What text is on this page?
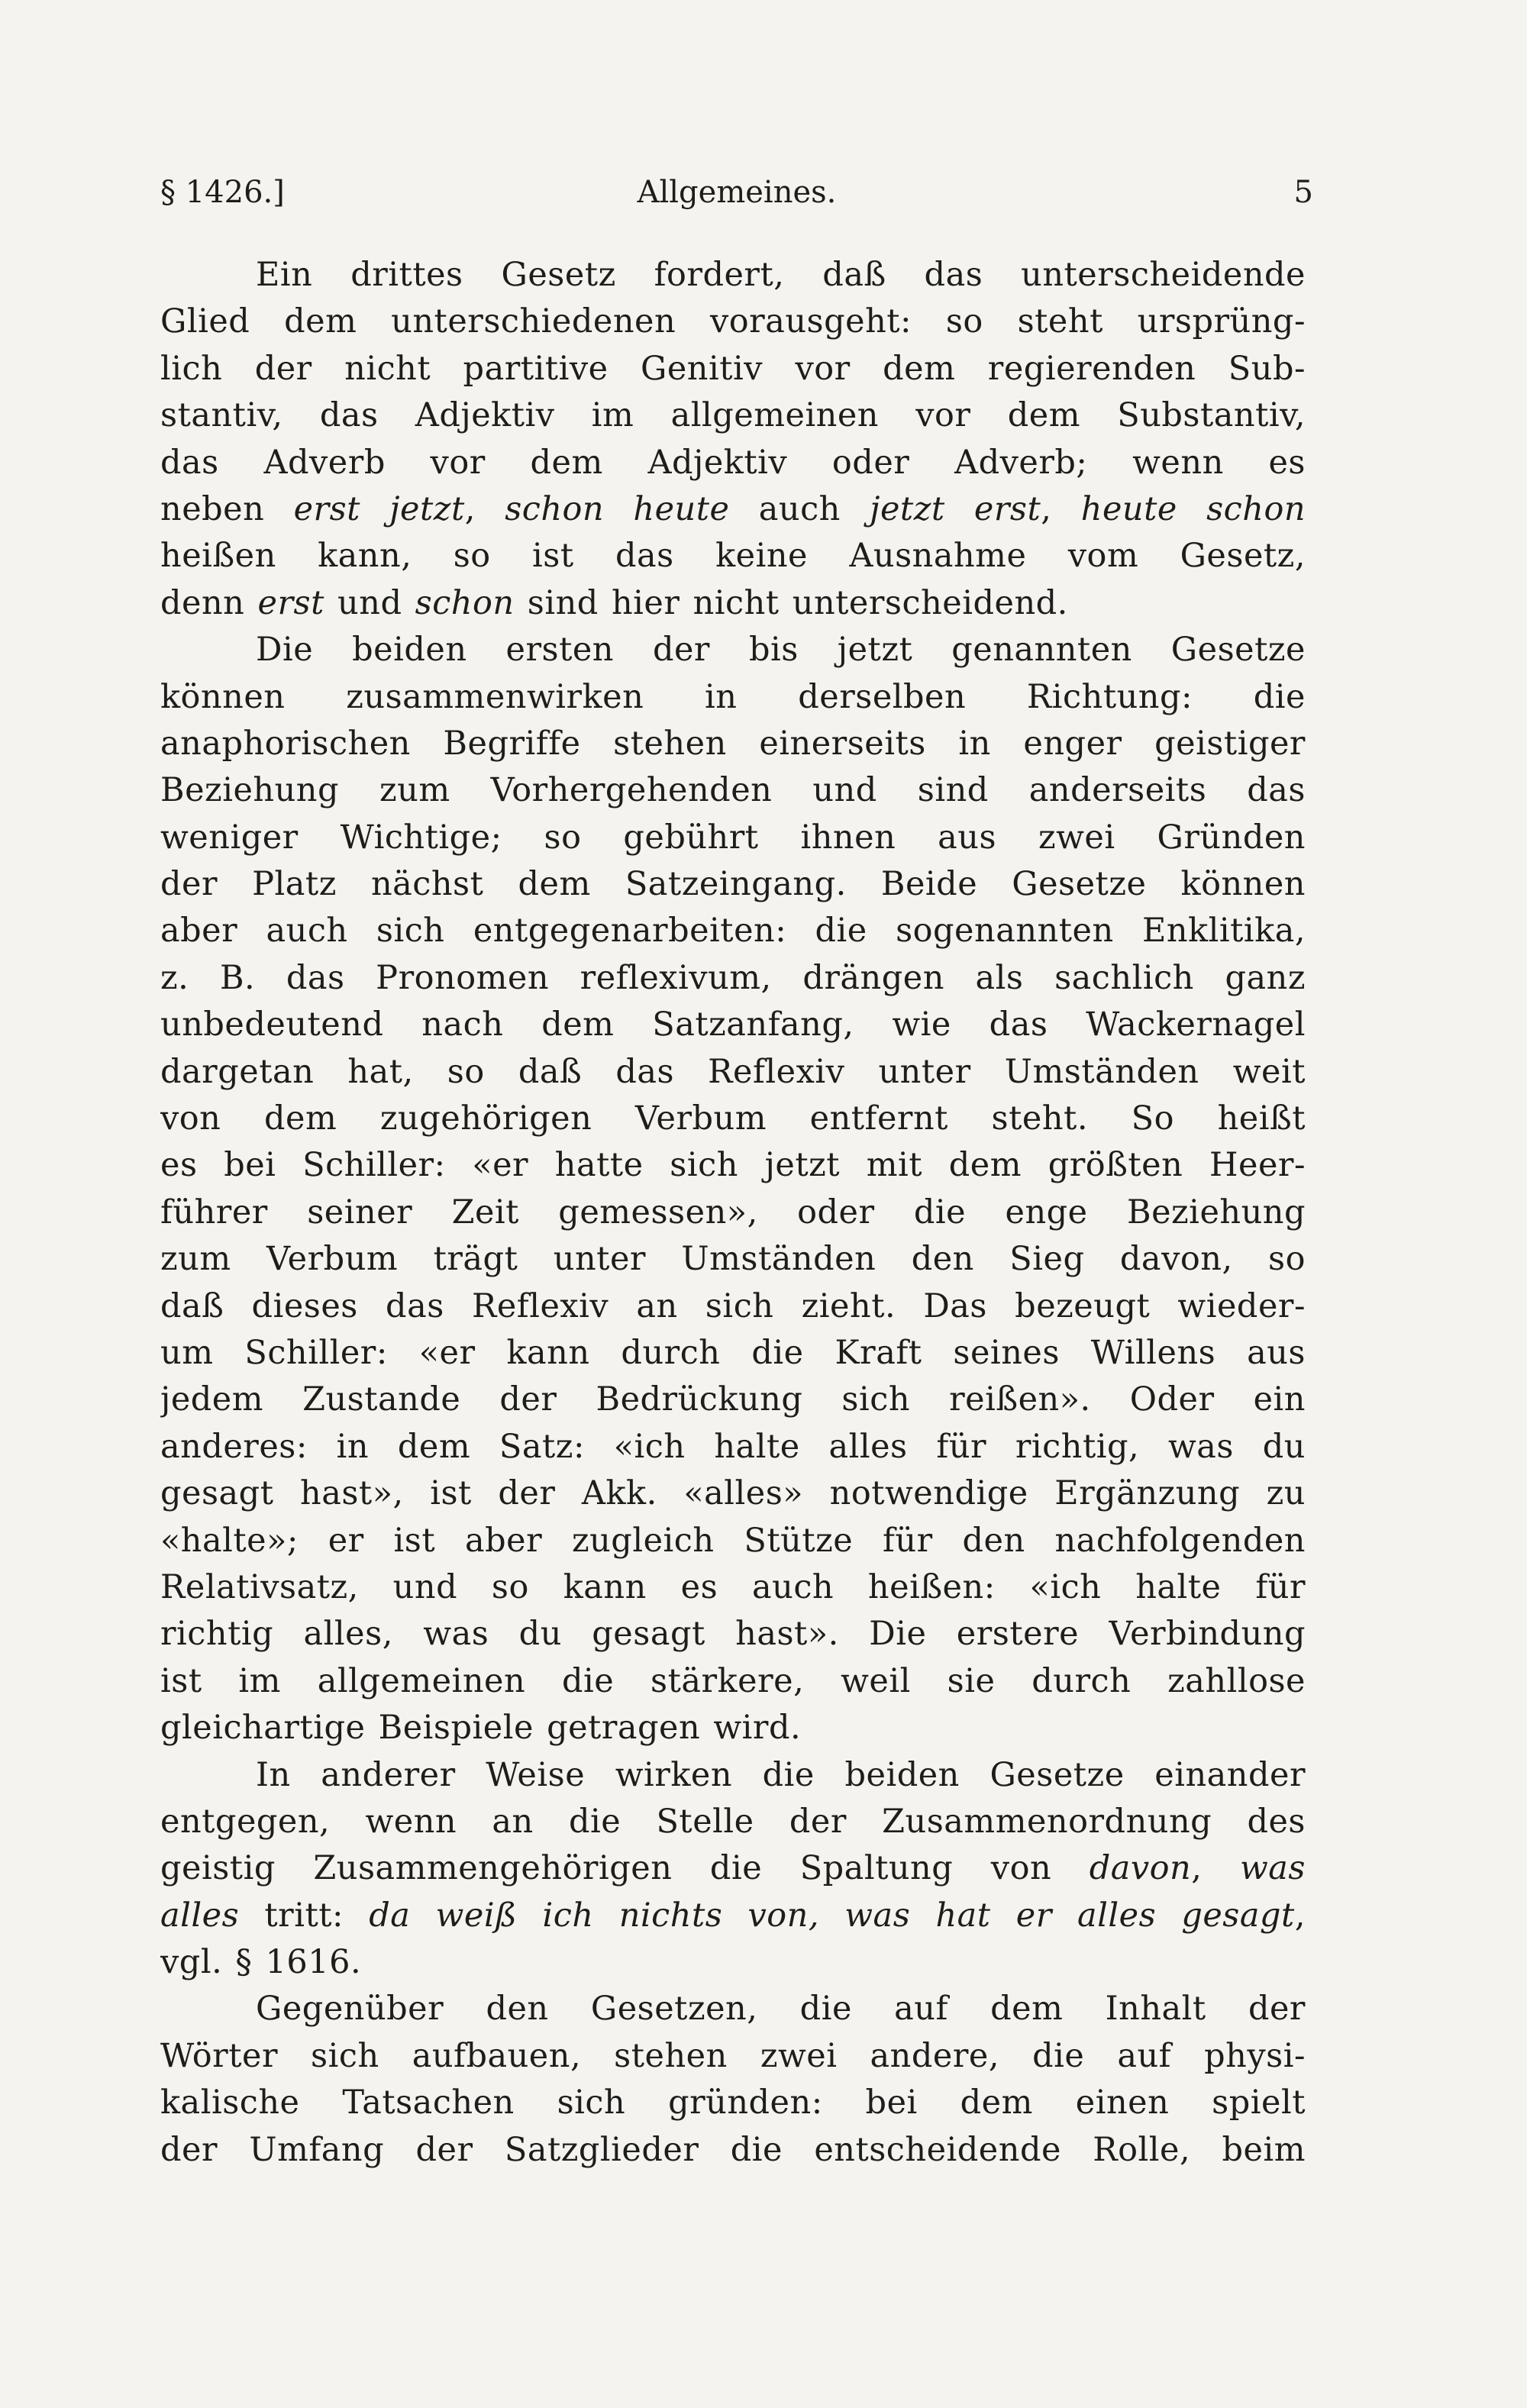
§ 1426.]	Allgemeines.	5
Ein drittes Gesetz fordert, daß das unterscheidende
Glied dem unterschiedenen vorausgeht: so steht ursprüng-
lich der nicht partitive Genitiv vor dem regierenden Sub-
stantiv, das Adjektiv im allgemeinen vor dem Substantiv,
das Adverb vor dem Adjektiv oder Adverb; wenn es
neben erst jetzt, schon heute auch jetzt erst, heute schon
heißen kann, so ist das keine Ausnahme vom Gesetz,
denn erst und schon sind hier nicht unterscheidend.
Die beiden ersten der bis jetzt genannten Gesetze
können zusammenwirken in derselben Richtung: die
anaphorischen Begriffe stehen einerseits in enger geistiger
Beziehung zum Vorhergehenden und sind anderseits das
weniger Wichtige; so gebührt ihnen aus zwei Gründen
der Platz nächst dem Satzeingang. Beide Gesetze können
aber auch sich entgegenarbeiten: die sogenannten Enklitika,
z. B. das Pronomen reflexivum, drängen als sachlich ganz
unbedeutend nach dem Satzanfang, wie das Wackernagel
dargetan hat, so daß das Reflexiv unter Umständen weit
von dem zugehörigen Verbum entfernt steht. So heißt
es bei Schiller: «er hatte sich jetzt mit dem größten Heer-
führer seiner Zeit gemessen», oder die enge Beziehung
zum Verbum trägt unter Umständen den Sieg davon, so
daß dieses das Reflexiv an sich zieht. Das bezeugt wieder-
um Schiller: «er kann durch die Kraft seines Willens aus
jedem Zustande der Bedrückung sich reißen». Oder ein
anderes: in dem Satz: «ich halte alles für richtig, was du
gesagt hast», ist der Akk. «alles» notwendige Ergänzung zu
«halte»; er ist aber zugleich Stütze für den nachfolgenden
Relativsatz, und so kann es auch heißen: «ich halte für
richtig alles, was du gesagt hast». Die erstere Verbindung
ist im allgemeinen die stärkere, weil sie durch zahllose
gleichartige Beispiele getragen wird.
In anderer Weise wirken die beiden Gesetze einander
entgegen, wenn an die Stelle der Zusammenordnung des
geistig Zusammengehörigen die Spaltung von davon, was
alles tritt: da weiß ich nichts von, was hat er alles gesagt,
vgl. § 1616.
Gegenüber den Gesetzen, die auf dem Inhalt der
Wörter sich aufbauen, stehen zwei andere, die auf physi-
kalische Tatsachen sich gründen: bei dem einen spielt
der Umfang der Satzglieder die entscheidende Rolle, beim
